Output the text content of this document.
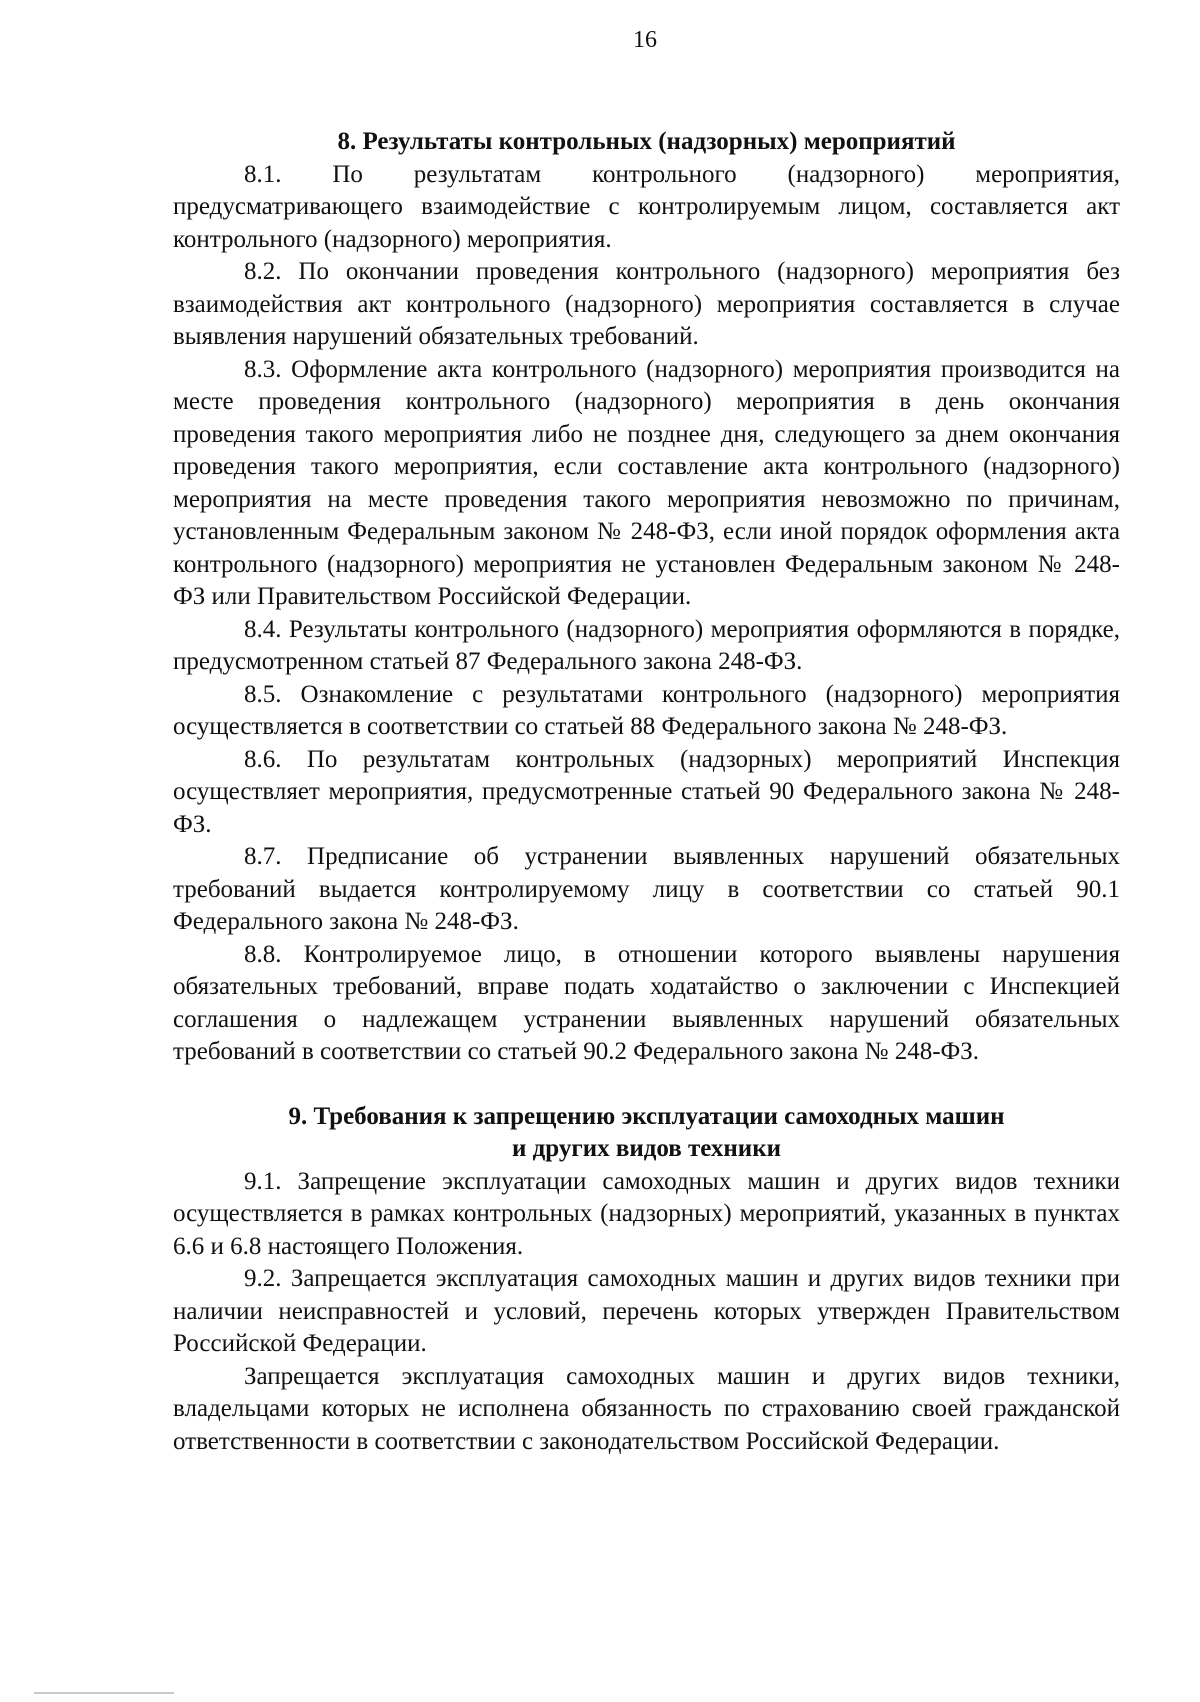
16
8. Результаты контрольных (надзорных) мероприятий

8.1. По результатам контрольного (надзорного) мероприятия, предусматривающего взаимодействие с контролируемым лицом, составляется акт контрольного (надзорного) мероприятия.

8.2. По окончании проведения контрольного (надзорного) мероприятия без взаимодействия акт контрольного (надзорного) мероприятия составляется в случае выявления нарушений обязательных требований.

8.3. Оформление акта контрольного (надзорного) мероприятия производится на месте проведения контрольного (надзорного) мероприятия в день окончания проведения такого мероприятия либо не позднее дня, следующего за днем окончания проведения такого мероприятия, если составление акта контрольного (надзорного) мероприятия на месте проведения такого мероприятия невозможно по причинам, установленным Федеральным законом № 248-ФЗ, если иной порядок оформления акта контрольного (надзорного) мероприятия не установлен Федеральным законом № 248-ФЗ или Правительством Российской Федерации.

8.4. Результаты контрольного (надзорного) мероприятия оформляются в порядке, предусмотренном статьей 87 Федерального закона 248-ФЗ.

8.5. Ознакомление с результатами контрольного (надзорного) мероприятия осуществляется в соответствии со статьей 88 Федерального закона № 248-ФЗ.

8.6. По результатам контрольных (надзорных) мероприятий Инспекция осуществляет мероприятия, предусмотренные статьей 90 Федерального закона № 248-ФЗ.

8.7. Предписание об устранении выявленных нарушений обязательных требований выдается контролируемому лицу в соответствии со статьей 90.1 Федерального закона № 248-ФЗ.

8.8. Контролируемое лицо, в отношении которого выявлены нарушения обязательных требований, вправе подать ходатайство о заключении с Инспекцией соглашения о надлежащем устранении выявленных нарушений обязательных требований в соответствии со статьей 90.2 Федерального закона № 248-ФЗ.

9. Требования к запрещению эксплуатации самоходных машин
и других видов техники

9.1. Запрещение эксплуатации самоходных машин и других видов техники осуществляется в рамках контрольных (надзорных) мероприятий, указанных в пунктах 6.6 и 6.8 настоящего Положения.

9.2. Запрещается эксплуатация самоходных машин и других видов техники при наличии неисправностей и условий, перечень которых утвержден Правительством Российской Федерации.

Запрещается эксплуатация самоходных машин и других видов техники, владельцами которых не исполнена обязанность по страхованию своей гражданской ответственности в соответствии с законодательством Российской Федерации.
